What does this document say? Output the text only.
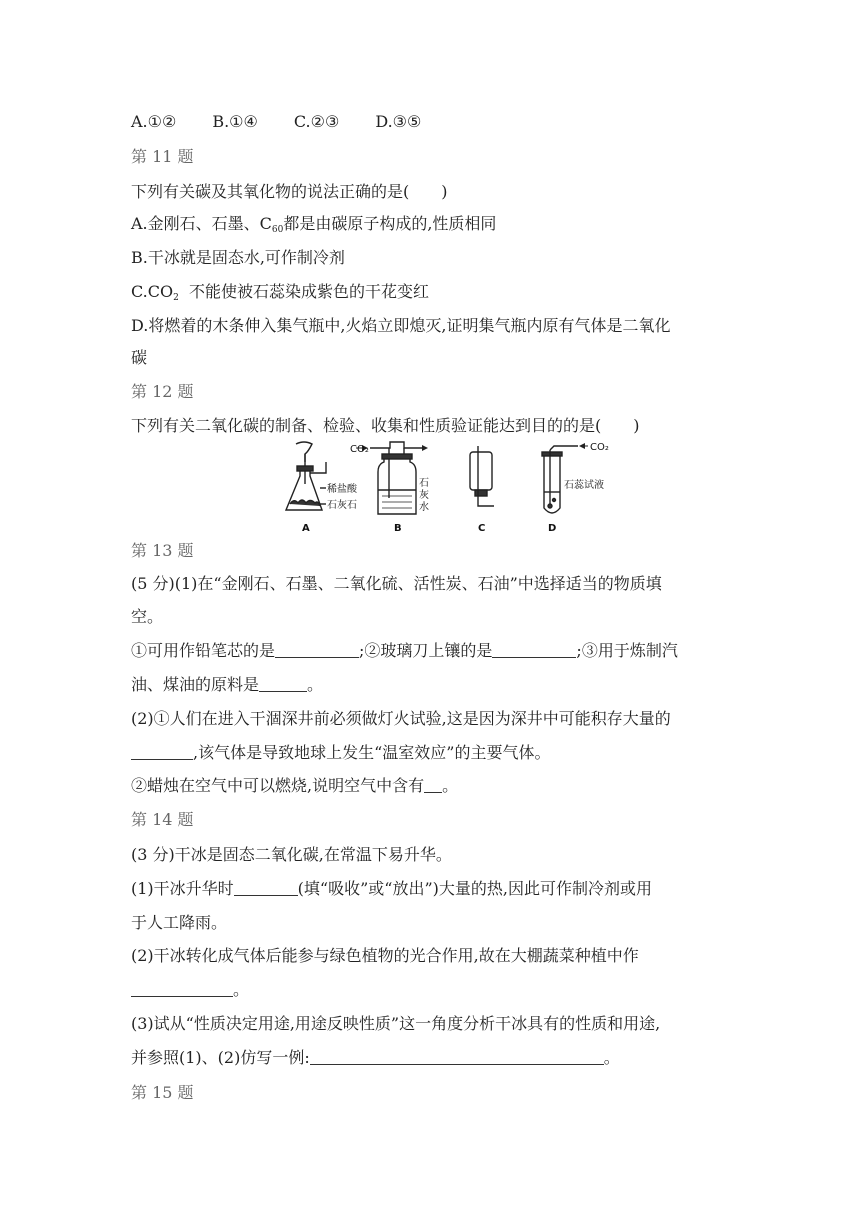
A.①② B.①④ C.②③ D.③⑤
第 11 题
下列有关碳及其氧化物的说法正确的是(　　)
A.金刚石、石墨、$C_{60}$都是由碳原子构成的,性质相同
B.干冰就是固态水,可作制冷剂
$C.CO_2$  不能使被石蕊染成紫色的干花变红
D.将燃着的木条伸入集气瓶中,火焰立即熄灭,证明集气瓶内原有气体是二氧化
碳
第 12 题
下列有关二氧化碳的制备、检验、收集和性质验证能达到目的的是(　　)
稀盐酸
石灰石
CO₂
石
灰
水
CO₂
石蕊试液
A	B	C	D
第 13 题
(5 分)(1)在“金刚石、石墨、二氧化硫、活性炭、石油”中选择适当的物质填
空。
①可用作铅笔芯的是	;②玻璃刀上镶的是	;③用于炼制汽
油、煤油的原料是	。
(2)①人们在进入干涸深井前必须做灯火试验,这是因为深井中可能积存大量的
,该气体是导致地球上发生“温室效应”的主要气体。
②蜡烛在空气中可以燃烧,说明空气中含有 。
第 14 题
(3 分)干冰是固态二氧化碳,在常温下易升华。
(1)干冰升华时	(填“吸收”或“放出”)大量的热,因此可作制冷剂或用
于人工降雨。
(2)干冰转化成气体后能参与绿色植物的光合作用,故在大棚蔬菜种植中作
。
(3)试从“性质决定用途,用途反映性质”这一角度分析干冰具有的性质和用途,
并参照(1)、(2)仿写一例:	。
第 15 题
